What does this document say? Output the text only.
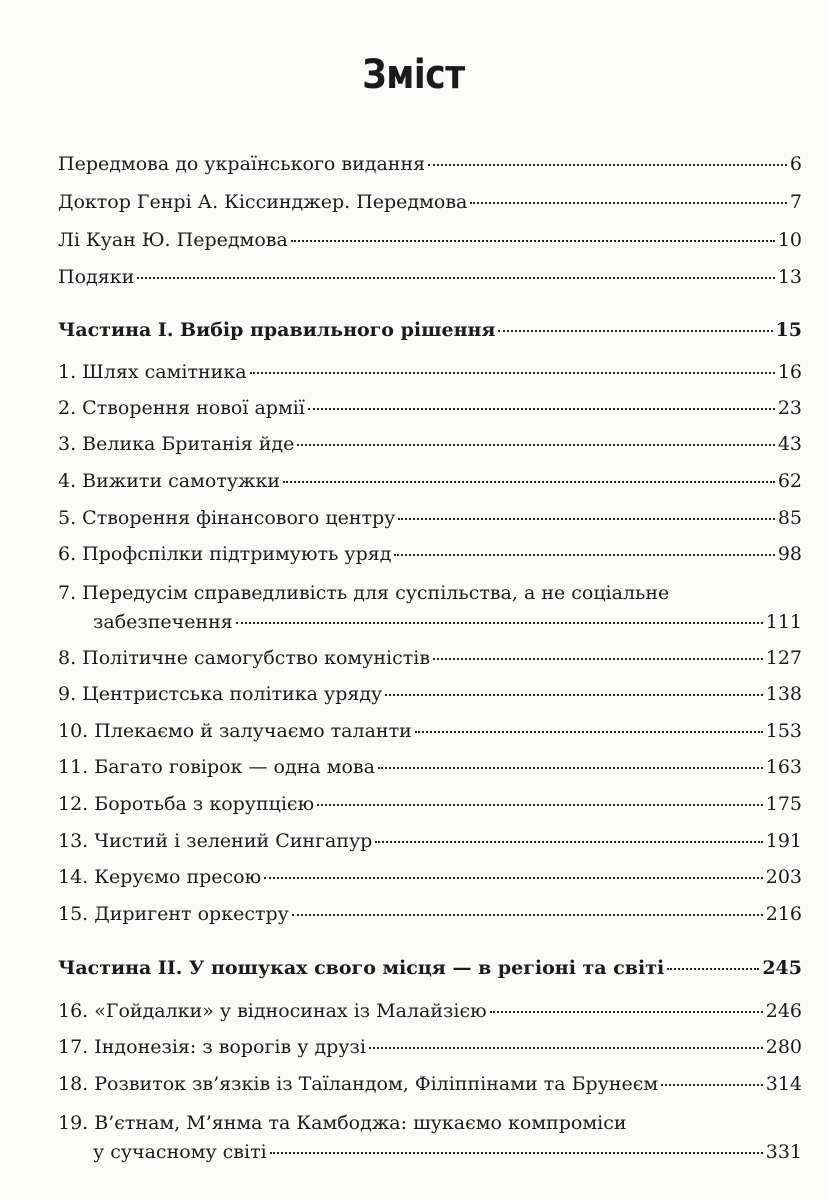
Зміст
Передмова до українського видання	6
Доктор Генрі А. Кіссинджер. Передмова	7
Лі Куан Ю. Передмова	10
Подяки	13
Частина І. Вибір правильного рішення	15
1. Шлях самітника	16
2. Створення нової армії	23
3. Велика Британія йде	43
4. Вижити самотужки	62
5. Створення фінансового центру	85
6. Профспілки підтримують уряд	98
7. Передусім справедливість для суспільства, а не соціальне
забезпечення	111
8. Політичне самогубство комуністів	127
9. Центристська політика уряду	138
10. Плекаємо й залучаємо таланти	153
11. Багато говірок — одна мова	163
12. Боротьба з корупцією	175
13. Чистий і зелений Сингапур	191
14. Керуємо пресою	203
15. Диригент оркестру	216
Частина ІІ. У пошуках свого місця — в регіоні та світі	245
16. «Гойдалки» у відносинах із Малайзією	246
17. Індонезія: з ворогів у друзі	280
18. Розвиток зв’язків із Таїландом, Філіппінами та Брунеєм	314
19. В’єтнам, М’янма та Камбоджа: шукаємо компроміси
у сучасному світі	331
